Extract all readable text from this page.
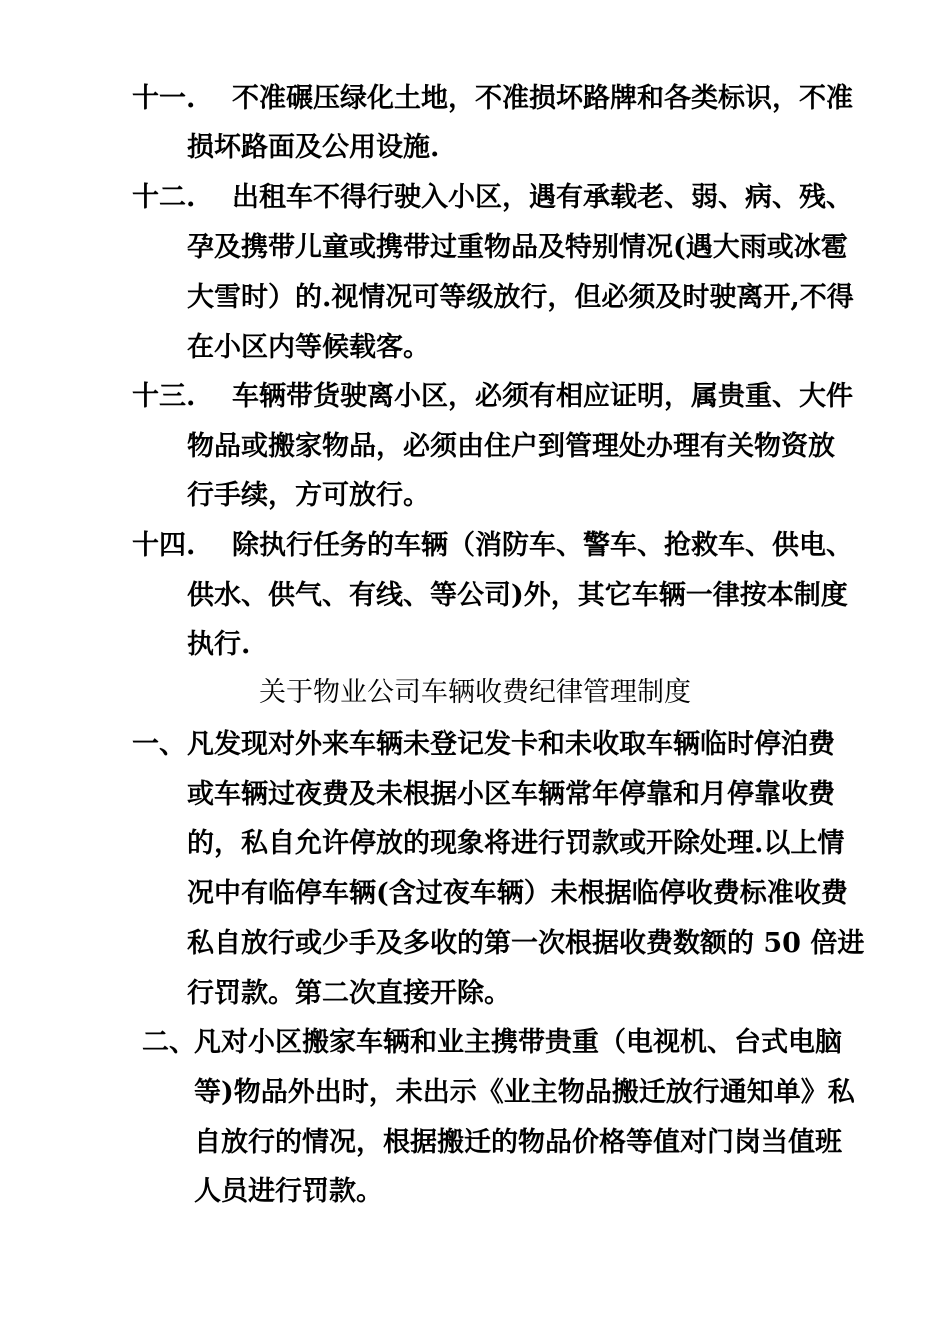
十一. 不准碾压绿化土地，不准损坏路牌和各类标识，不准
损坏路面及公用设施.
十二. 出租车不得行驶入小区，遇有承载老、弱、病、残、
孕及携带儿童或携带过重物品及特别情况(遇大雨或冰雹
大雪时）的.视情况可等级放行，但必须及时驶离开,不得
在小区内等候载客。
十三. 车辆带货驶离小区，必须有相应证明，属贵重、大件
物品或搬家物品，必须由住户到管理处办理有关物资放
行手续，方可放行。
十四. 除执行任务的车辆（消防车、警车、抢救车、供电、
供水、供气、有线、等公司)外，其它车辆一律按本制度
执行.
关于物业公司车辆收费纪律管理制度
一、 凡发现对外来车辆未登记发卡和未收取车辆临时停泊费
或车辆过夜费及未根据小区车辆常年停靠和月停靠收费
的，私自允许停放的现象将进行罚款或开除处理.以上情
况中有临停车辆(含过夜车辆）未根据临停收费标准收费
私自放行或少手及多收的第一次根据收费数额的 50 倍进
行罚款。第二次直接开除。
二、
凡对小区搬家车辆和业主携带贵重（电视机、台式电脑
等)物品外出时，未出示《业主物品搬迁放行通知单》私
自放行的情况，根据搬迁的物品价格等值对门岗当值班
人员进行罚款。
